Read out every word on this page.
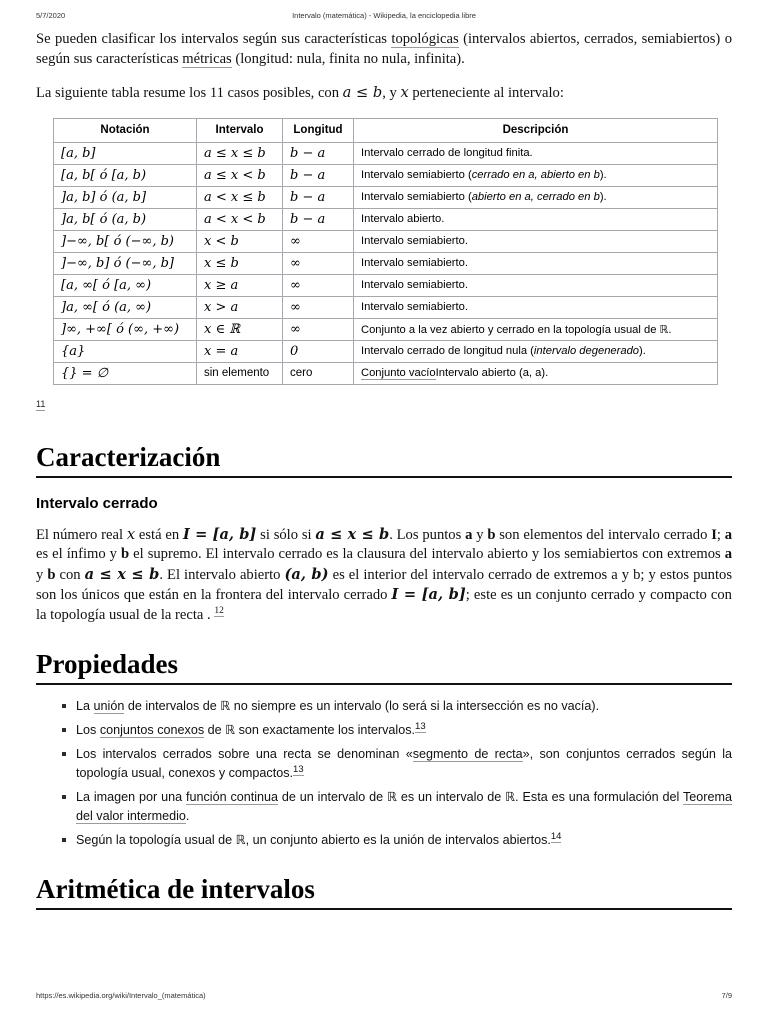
5/7/2020	Intervalo (matemática) - Wikipedia, la enciclopedia libre

Se pueden clasificar los intervalos según sus características topológicas (intervalos abiertos, cerrados, semiabiertos) o según sus características métricas (longitud: nula, finita no nula, infinita).

La siguiente tabla resume los 11 casos posibles, con a ≤ b, y x perteneciente al intervalo:

Notación	Intervalo	Longitud	Descripción
[a, b]	a ≤ x ≤ b	b − a	Intervalo cerrado de longitud finita.
[a, b[ ó [a, b)	a ≤ x < b	b − a	Intervalo semiabierto (cerrado en a, abierto en b).
]a, b] ó (a, b]	a < x ≤ b	b − a	Intervalo semiabierto (abierto en a, cerrado en b).
]a, b[ ó (a, b)	a < x < b	b − a	Intervalo abierto.
]−∞, b[ ó (−∞, b)	x < b	∞	Intervalo semiabierto.
]−∞, b] ó (−∞, b]	x ≤ b	∞	Intervalo semiabierto.
[a, ∞[ ó [a, ∞)	x ≥ a	∞	Intervalo semiabierto.
]a, ∞[ ó (a, ∞)	x > a	∞	Intervalo semiabierto.
]∞, +∞[ ó (∞, +∞)	x ∈ ℝ	∞	Conjunto a la vez abierto y cerrado en la topología usual de ℝ.
{a}	x = a	0	Intervalo cerrado de longitud nula (intervalo degenerado).
{} = ∅	sin elemento	cero	Conjunto vacíoIntervalo abierto (a, a).
11
Caracterización
Intervalo cerrado

El número real x está en I = [a, b] si sólo si a ≤ x ≤ b. Los puntos a y b son elementos del intervalo cerrado I; a es el ínfimo y b el supremo. El intervalo cerrado es la clausura del intervalo abierto y los semiabiertos con extremos a y b con a ≤ x ≤ b. El intervalo abierto (a, b) es el interior del intervalo cerrado de extremos a y b; y estos puntos son los únicos que están en la frontera del intervalo cerrado I = [a, b]; este es un conjunto cerrado y compacto con la topología usual de la recta . $^{12}$

Propiedades
La unión de intervalos de ℝ no siempre es un intervalo (lo será si la intersección es no vacía).
Los conjuntos conexos de ℝ son exactamente los intervalos.$^{13}$
Los intervalos cerrados sobre una recta se denominan «segmento de recta», son conjuntos cerrados según la topología usual, conexos y compactos.$^{13}$
La imagen por una función continua de un intervalo de ℝ es un intervalo de ℝ. Esta es una formulación del Teorema del valor intermedio.
Según la topología usual de ℝ, un conjunto abierto es la unión de intervalos abiertos.$^{14}$
Aritmética de intervalos
https://es.wikipedia.org/wiki/Intervalo_(matemática)	7/9
